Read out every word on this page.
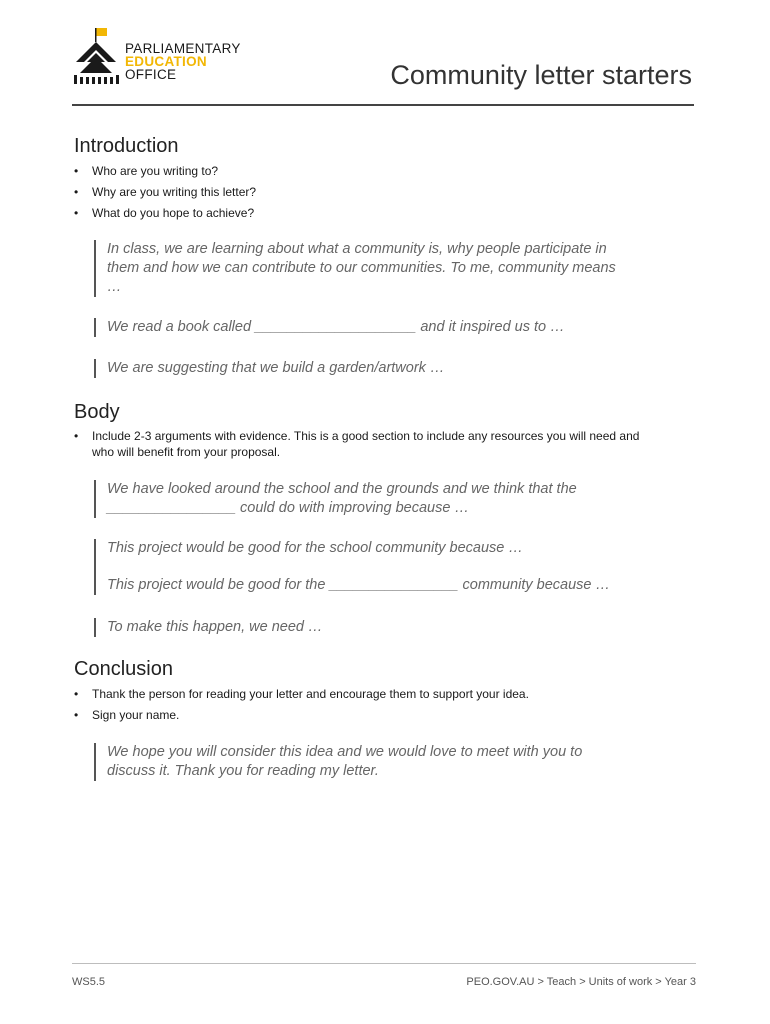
PARLIAMENTARY
EDUCATION
OFFICE	Community letter starters
Introduction
• Who are you writing to?
• Why are you writing this letter?
• What do you hope to achieve?

In class, we are learning about what a community is, why people participate in them and how we can contribute to our communities. To me, community means …

We read a book called ____________________ and it inspired us to …

We are suggesting that we build a garden/artwork …

Body
• Include 2-3 arguments with evidence. This is a good section to include any resources you will need and who will benefit from your proposal.

We have looked around the school and the grounds and we think that the ________________ could do with improving because …

This project would be good for the school community because …

This project would be good for the ________________ community because …

To make this happen, we need …

Conclusion
• Thank the person for reading your letter and encourage them to support your idea.
• Sign your name.

We hope you will consider this idea and we would love to meet with you to discuss it. Thank you for reading my letter.

WS5.5	PEO.GOV.AU > Teach > Units of work > Year 3
